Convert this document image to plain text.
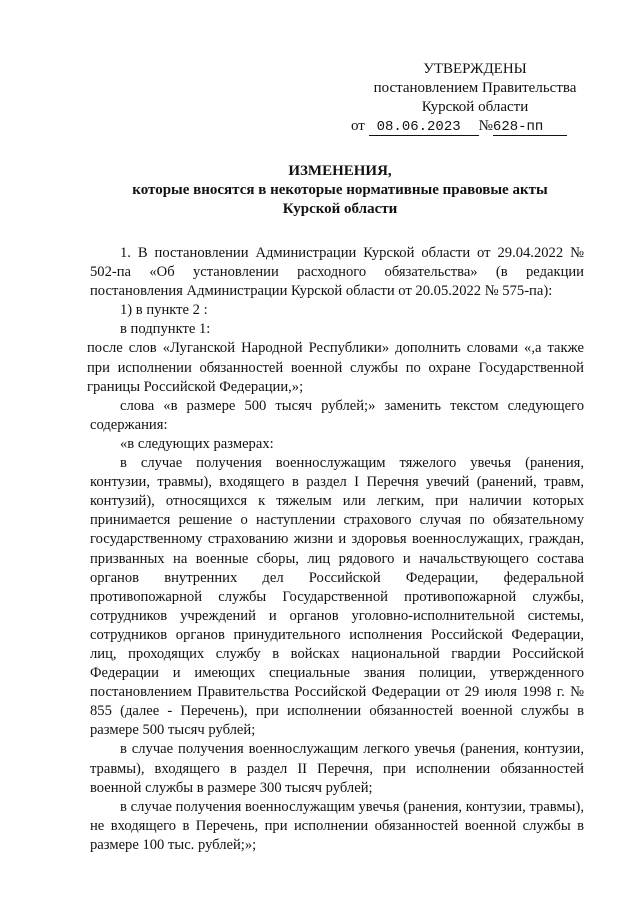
УТВЕРЖДЕНЫ
постановлением Правительства
Курской области
от 08.06.2023 №628-пп
ИЗМЕНЕНИЯ,
которые вносятся в некоторые нормативные правовые акты
Курской области

1. В постановлении Администрации Курской области от 29.04.2022 № 502-па «Об установлении расходного обязательства» (в редакции постановления Администрации Курской области от 20.05.2022 № 575-па):

1) в пункте 2 :

в подпункте 1:

после слов «Луганской Народной Республики» дополнить словами «,а также при исполнении обязанностей военной службы по охране Государственной границы Российской Федерации,»;

слова «в размере 500 тысяч рублей;» заменить текстом следующего содержания:

«в следующих размерах:

в случае получения военнослужащим тяжелого увечья (ранения, контузии, травмы), входящего в раздел I Перечня увечий (ранений, травм, контузий), относящихся к тяжелым или легким, при наличии которых принимается решение о наступлении страхового случая по обязательному государственному страхованию жизни и здоровья военнослужащих, граждан, призванных на военные сборы, лиц рядового и начальствующего состава органов внутренних дел Российской Федерации, федеральной противопожарной службы Государственной противопожарной службы, сотрудников учреждений и органов уголовно-исполнительной системы, сотрудников органов принудительного исполнения Российской Федерации, лиц, проходящих службу в войсках национальной гвардии Российской Федерации и имеющих специальные звания полиции, утвержденного постановлением Правительства Российской Федерации от 29 июля 1998 г. № 855 (далее - Перечень), при исполнении обязанностей военной службы в размере 500 тысяч рублей;

в случае получения военнослужащим легкого увечья (ранения, контузии, травмы), входящего в раздел II Перечня, при исполнении обязанностей военной службы в размере 300 тысяч рублей;

в случае получения военнослужащим увечья (ранения, контузии, травмы), не входящего в Перечень, при исполнении обязанностей военной службы в размере 100 тыс. рублей;»;
